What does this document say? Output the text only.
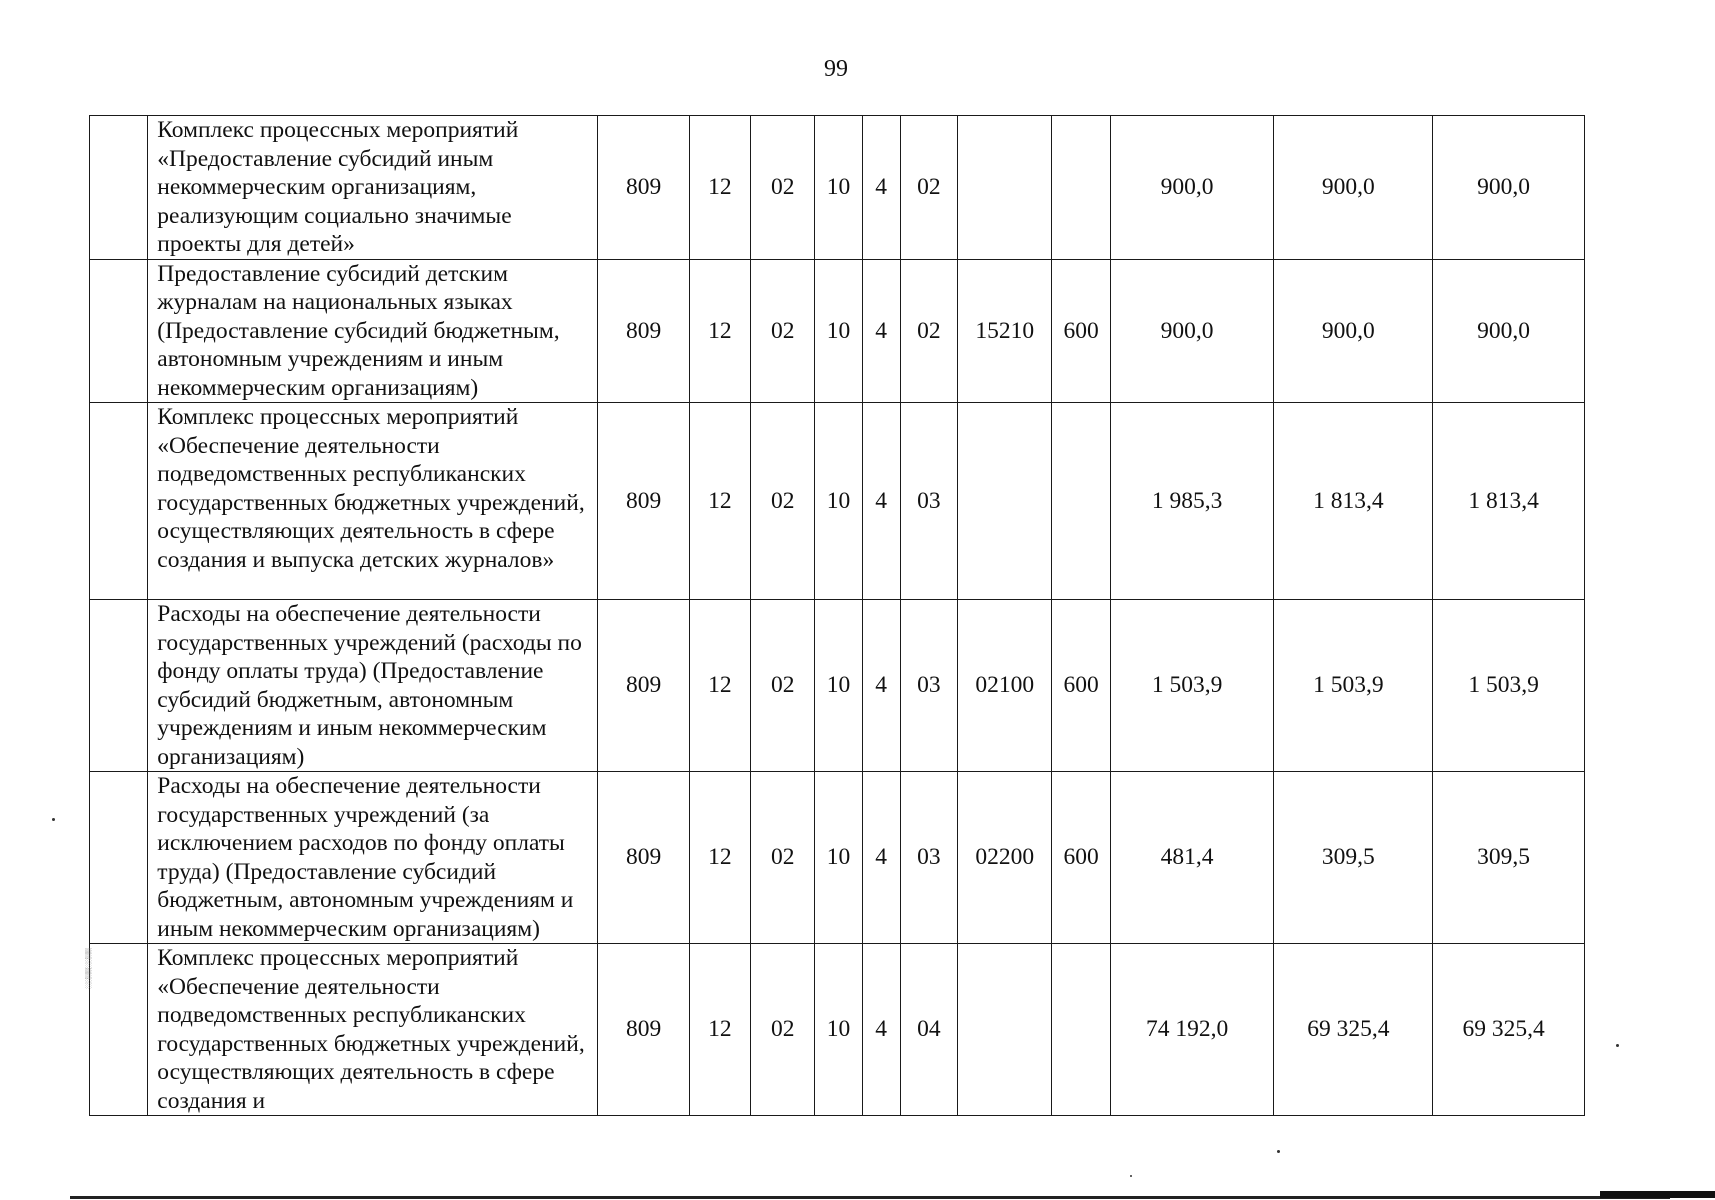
99
	Комплекс процессных мероприятий «Предоставление субсидий иным некоммерческим организациям, реализующим социально значимые проекты для детей»	809	12	02	10	4	02			900,0	900,0	900,0
	Предоставление субсидий детским журналам на национальных языках (Предоставление субсидий бюджетным, автономным учреждениям и иным некоммерческим организациям)	809	12	02	10	4	02	15210	600	900,0	900,0	900,0
	Комплекс процессных мероприятий «Обеспечение деятельности подведомственных республиканских государственных бюджетных учреждений, осуществляющих деятельность в сфере создания и выпуска детских журналов»	809	12	02	10	4	03			1 985,3	1 813,4	1 813,4
	Расходы на обеспечение деятельности государственных учреждений (расходы по фонду оплаты труда) (Предоставление субсидий бюджетным, автономным учреждениям и иным некоммерческим организациям)	809	12	02	10	4	03	02100	600	1 503,9	1 503,9	1 503,9
	Расходы на обеспечение деятельности государственных учреждений (за исключением расходов по фонду оплаты труда) (Предоставление субсидий бюджетным, автономным учреждениям и иным некоммерческим организациям)	809	12	02	10	4	03	02200	600	481,4	309,5	309,5
	Комплекс процессных мероприятий «Обеспечение деятельности подведомственных республиканских государственных бюджетных учреждений, осуществляющих деятельность в сфере создания и	809	12	02	10	4	04			74 192,0	69 325,4	69 325,4
▒
░
▒
░
